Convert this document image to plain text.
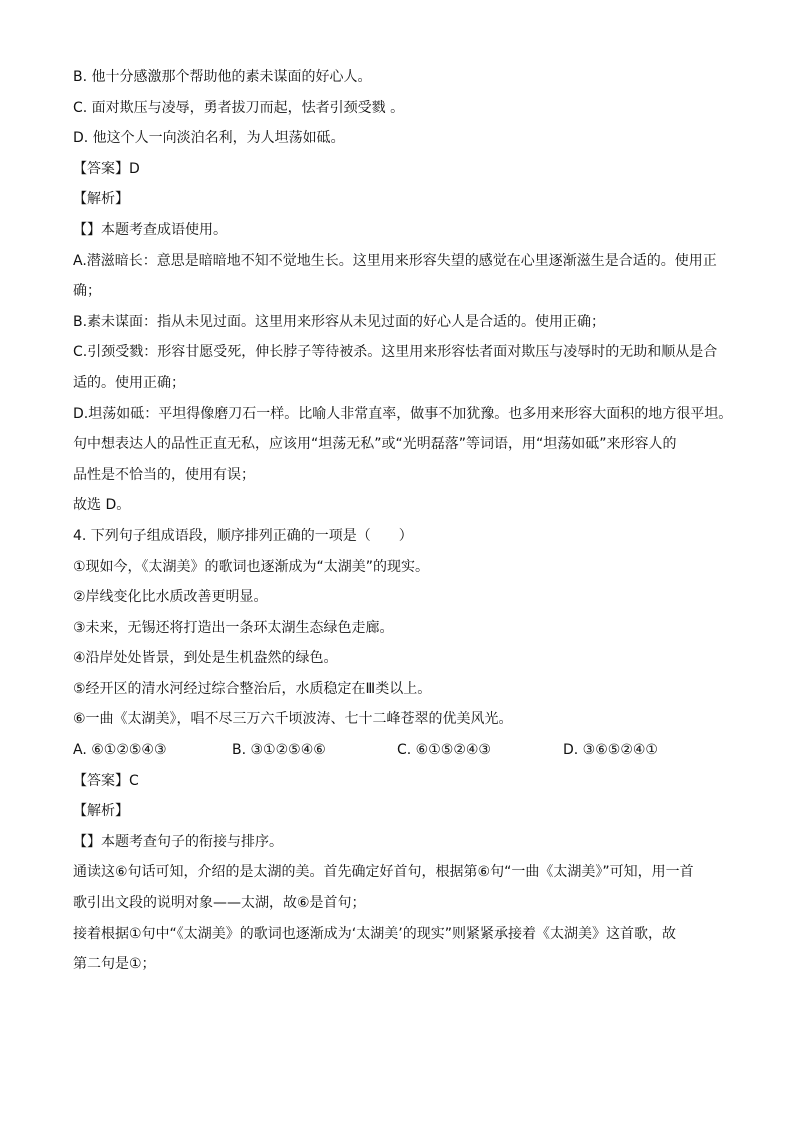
B. 他十分感激那个帮助他的素未谋面的好心人。
C. 面对欺压与凌辱，勇者拔刀而起，怯者引颈受戮 。
D. 他这个人一向淡泊名利，为人坦荡如砥。
【答案】D
【解析】
【】本题考查成语使用。
A.潜滋暗长：意思是暗暗地不知不觉地生长。这里用来形容失望的感觉在心里逐渐滋生是合适的。使用正
确；
B.素未谋面：指从未见过面。这里用来形容从未见过面的好心人是合适的。使用正确；
C.引颈受戮：形容甘愿受死，伸长脖子等待被杀。这里用来形容怯者面对欺压与凌辱时的无助和顺从是合
适的。使用正确；
D.坦荡如砥：平坦得像磨刀石一样。比喻人非常直率，做事不加犹豫。也多用来形容大面积的地方很平坦。
句中想表达人的品性正直无私，应该用“坦荡无私”或“光明磊落”等词语，用“坦荡如砥”来形容人的
品性是不恰当的，使用有误；
故选 D。
4. 下列句子组成语段，顺序排列正确的一项是（　　）
①现如今，《太湖美》的歌词也逐渐成为“太湖美”的现实。
②岸线变化比水质改善更明显。
③未来，无锡还将打造出一条环太湖生态绿色走廊。
④沿岸处处皆景，到处是生机盎然的绿色。
⑤经开区的清水河经过综合整治后，水质稳定在Ⅲ类以上。
⑥一曲《太湖美》，唱不尽三万六千顷波涛、七十二峰苍翠的优美风光。
A. ⑥①②⑤④③	B. ③①②⑤④⑥	C. ⑥①⑤②④③	D. ③⑥⑤②④①
【答案】C
【解析】
【】本题考查句子的衔接与排序。
通读这⑥句话可知，介绍的是太湖的美。首先确定好首句，根据第⑥句“一曲《太湖美》”可知，用一首
歌引出文段的说明对象——太湖，故⑥是首句；
接着根据①句中“《太湖美》的歌词也逐渐成为‘太湖美’的现实”则紧紧承接着《太湖美》这首歌，故
第二句是①；
